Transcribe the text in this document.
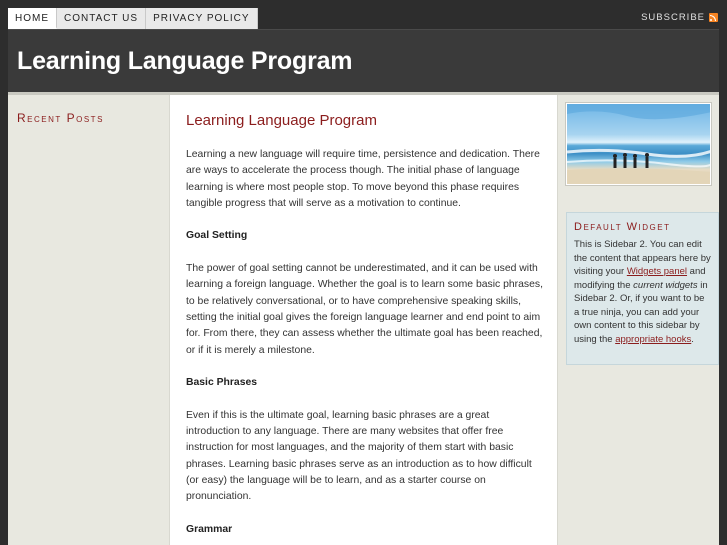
HOME	CONTACT US	PRIVACY POLICY	SUBSCRIBE
Learning Language Program
Recent Posts	Learning Language Program

Learning a new language will require time, persistence and dedication. There are ways to accelerate the process though. The initial phase of language learning is where most people stop. To move beyond this phase requires tangible progress that will serve as a motivation to continue.

Goal Setting

The power of goal setting cannot be underestimated, and it can be used with learning a foreign language. Whether the goal is to learn some basic phrases, to be relatively conversational, or to have comprehensive speaking skills, setting the initial goal gives the foreign language learner and end point to aim for. From there, they can assess whether the ultimate goal has been reached, or if it is merely a milestone.

Basic Phrases

Even if this is the ultimate goal, learning basic phrases are a great introduction to any language. There are many websites that offer free instruction for most languages, and the majority of them start with basic phrases. Learning basic phrases serve as an introduction as to how difficult (or easy) the language will be to learn, and as a starter course on pronunciation.

Grammar

Default Widget
This is Sidebar 2. You can edit the content that appears here by visiting your Widgets panel and modifying the current widgets in Sidebar 2. Or, if you want to be a true ninja, you can add your own content to this sidebar by using the appropriate hooks.
